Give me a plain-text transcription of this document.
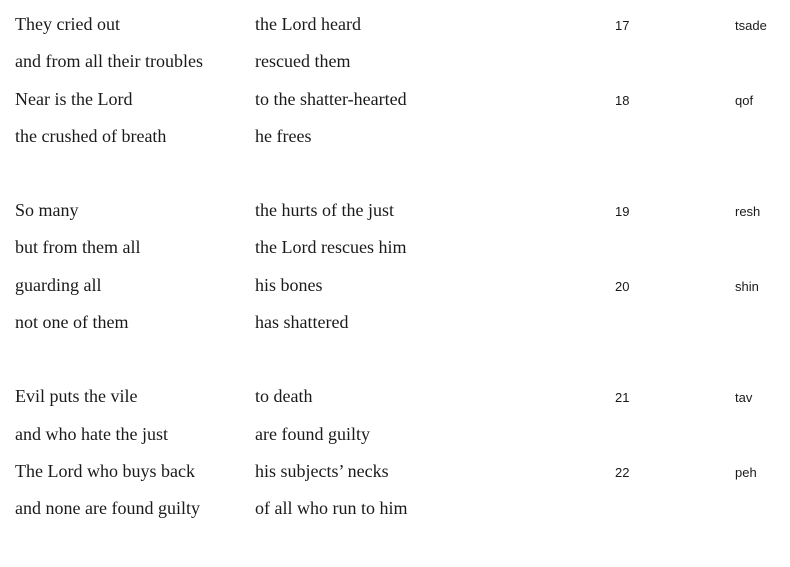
They cried out	the Lord heard	17	tsade
and from all their troubles	rescued them
Near is the Lord	to the shatter-hearted	18	qof
the crushed of breath	he frees
So many	the hurts of the just	19	resh
but from them all	the Lord rescues him
guarding all	his bones	20	shin
not one of them	has shattered
Evil puts the vile	to death	21	tav
and who hate the just	are found guilty
The Lord who buys back	his subjects’ necks	22	peh
and none are found guilty	of all who run to him
